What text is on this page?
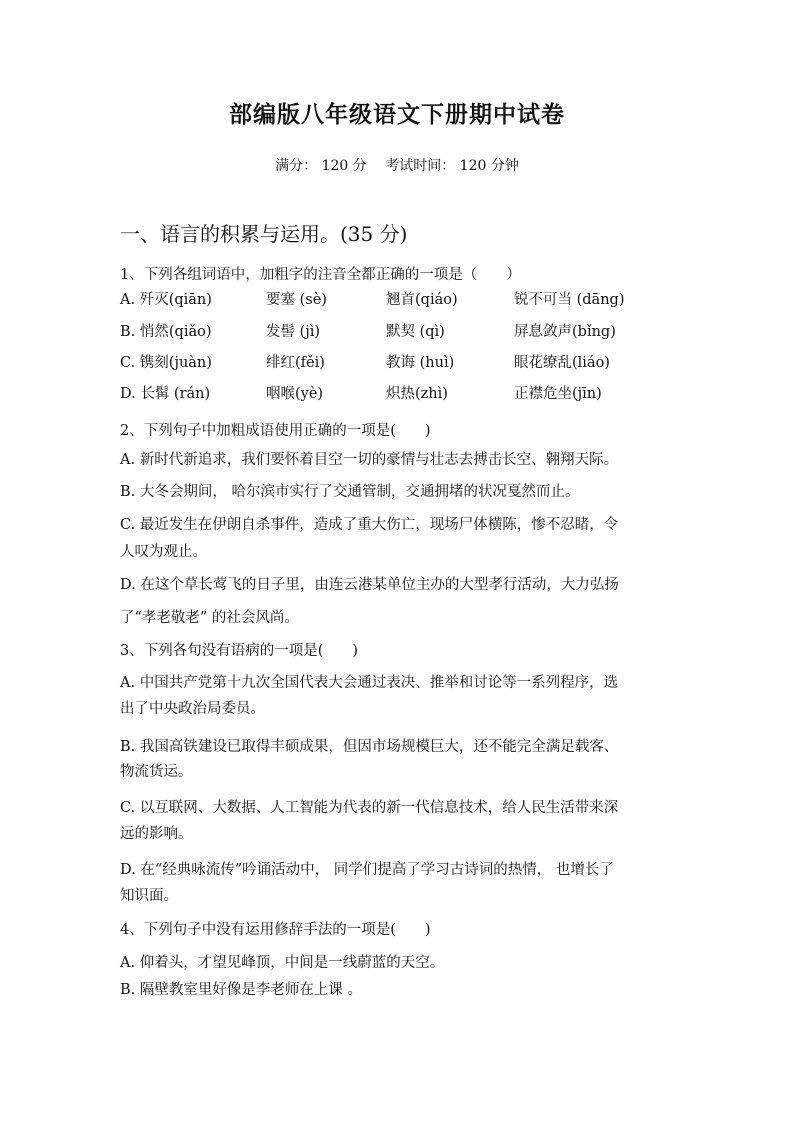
部编版八年级语文下册期中试卷
满分： 120 分 考试时间： 120 分钟
一、语言的积累与运用。(35 分)
1、下列各组词语中，加粗字的注音全都正确的一项是（　　）
A. 歼灭(qiān)	要塞 (sè)	翘首(qiáo)	锐不可当 (dāng)
B. 悄然(qiǎo)	发髻 (jì)	默契 (qì)	屏息敛声(bǐng)
C. 镌刻(juàn)	绯红(fěi)	教诲 (huì)	眼花缭乱(liáo)
D. 长髯 (rán)	咽喉(yè)	炽热(zhì)	正襟危坐(jīn)
2、下列句子中加粗成语使用正确的一项是(　　)
A. 新时代新追求，我们要怀着目空一切的豪情与壮志去搏击长空、翱翔天际。
B. 大冬会期间， 哈尔滨市实行了交通管制，交通拥堵的状况戛然而止。
C. 最近发生在伊朗自杀事件，造成了重大伤亡，现场尸体横陈，惨不忍睹，令
人叹为观止。
D. 在这个草长莺飞的日子里，由连云港某单位主办的大型孝行活动，大力弘扬
了“孝老敬老” 的社会风尚。
3、下列各句没有语病的一项是(　　)
A. 中国共产党第十九次全国代表大会通过表决、推举和讨论等一系列程序，选
出了中央政治局委员。
B. 我国高铁建设已取得丰硕成果，但因市场规模巨大，还不能完全满足载客、
物流货运。
C. 以互联网、大数据、人工智能为代表的新一代信息技术，给人民生活带来深
远的影响。
D. 在“经典咏流传”吟诵活动中， 同学们提高了学习古诗词的热情， 也增长了
知识面。
4、下列句子中没有运用修辞手法的一项是(　　)
A. 仰着头，才望见峰顶，中间是一线蔚蓝的天空。
B. 隔壁教室里好像是李老师在上课 。
